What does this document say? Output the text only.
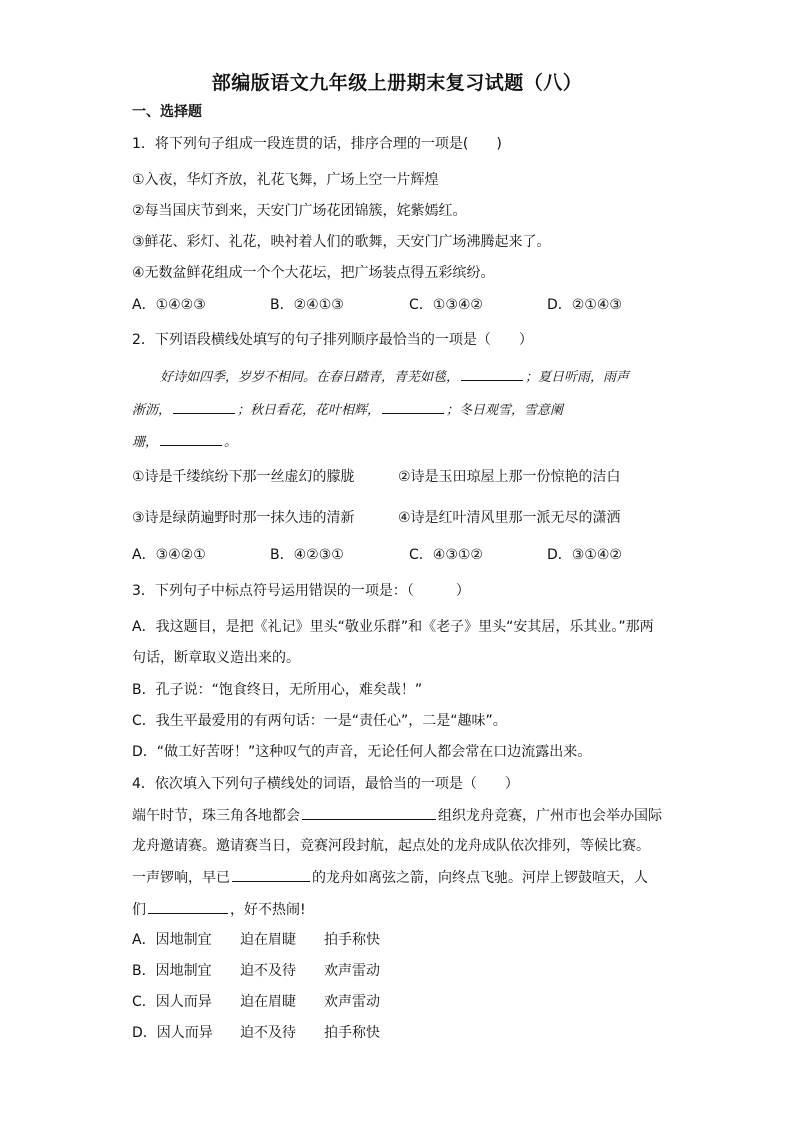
部编版语文九年级上册期末复习试题（八）
一、选择题
1．将下列句子组成一段连贯的话，排序合理的一项是(　　)
①入夜，华灯齐放，礼花飞舞，广场上空一片辉煌
②每当国庆节到来，天安门广场花团锦簇，姹紫嫣红。
③鲜花、彩灯、礼花，映衬着人们的歌舞，天安门广场沸腾起来了。
④无数盆鲜花组成一个个大花坛，把广场装点得五彩缤纷。
A．①④②③	B．②④①③	C．①③④②	D．②①④③
2．下列语段横线处填写的句子排列顺序最恰当的一项是（　　）
好诗如四季，岁岁不相同。在春日踏青，青芜如毯，	；夏日听雨，雨声
淅沥，	；秋日看花，花叶相辉，	；冬日观雪，雪意阑
珊，	。
①诗是千缕缤纷下那一丝虚幻的朦胧	②诗是玉田琼屋上那一份惊艳的洁白
③诗是绿荫遍野时那一抹久违的清新	④诗是红叶清风里那一派无尽的潇洒
A．③④②①	B．④②③①	C．④③①②	D．③①④②
3．下列句子中标点符号运用错误的一项是：（　　　）
A．我这题目，是把《礼记》里头“敬业乐群”和《老子》里头“安其居，乐其业。”那两
句话，断章取义造出来的。
B．孔子说：“饱食终日，无所用心，难矣哉！”
C．我生平最爱用的有两句话：一是“责任心”，二是“趣味”。
D．“做工好苦呀！”这种叹气的声音，无论任何人都会常在口边流露出来。
4．依次填入下列句子横线处的词语，最恰当的一项是（　　）
端午时节，珠三角各地都会	组织龙舟竞赛，广州市也会举办国际
龙舟邀请赛。邀请赛当日，竞赛河段封航，起点处的龙舟成队依次排列，等候比赛。
一声锣响，早已	的龙舟如离弦之箭，向终点飞驰。河岸上锣鼓喧天，人
们	，好不热闹!
A．因地制宜 迫在眉睫 拍手称快
B．因地制宜 迫不及待 欢声雷动
C．因人而异 迫在眉睫 欢声雷动
D．因人而异 迫不及待 拍手称快
